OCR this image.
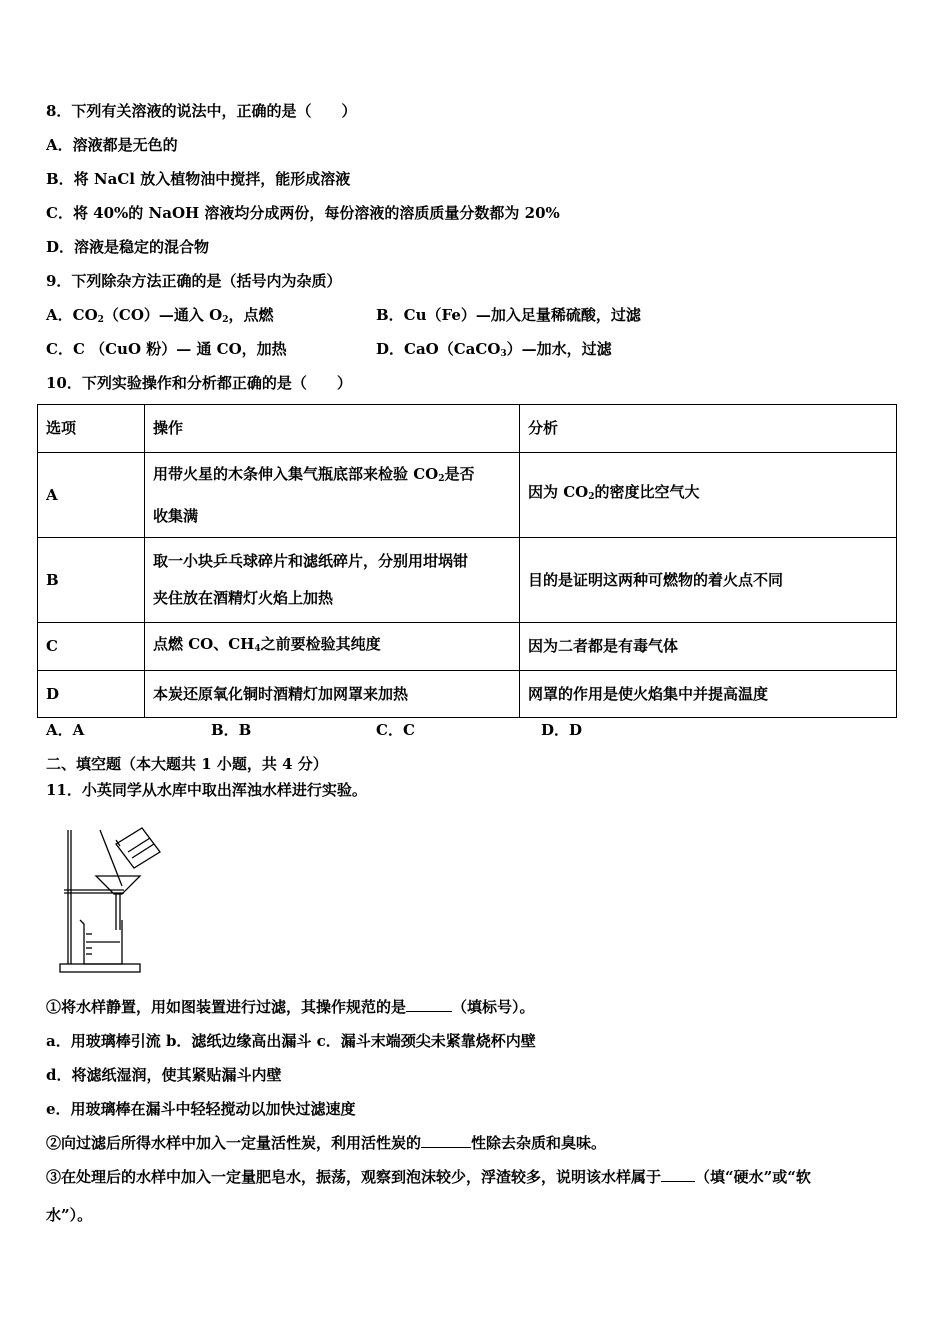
8．下列有关溶液的说法中，正确的是（　　）
A．溶液都是无色的
B．将 NaCl 放入植物油中搅拌，能形成溶液
C．将 40%的 NaOH 溶液均分成两份，每份溶液的溶质质量分数都为 20%
D．溶液是稳定的混合物
9．下列除杂方法正确的是（括号内为杂质）
A．$CO_2(CO)—$通入 $O_2$，点燃	B．Cu（Fe）—加入足量稀硫酸，过滤
C．C （CuO 粉）— 通 CO，加热	D．CaO（CaCO$_3$）—加水，过滤
10．下列实验操作和分析都正确的是（　　）
选项	操作	分析
A	用带火星的木条伸入集气瓶底部来检验 $CO_2$是否
收集满	因为 $CO_2$的密度比空气大
B	取一小块乒乓球碎片和滤纸碎片，分别用坩埚钳
夹住放在酒精灯火焰上加热	目的是证明这两种可燃物的着火点不同
C	点燃 CO、$CH_4$之前要检验其纯度	因为二者都是有毒气体
D	本炭还原氧化铜时酒精灯加网罩来加热	网罩的作用是使火焰集中并提高温度
A．A	B．B	C．C	D．D
二、填空题（本大题共 1 小题，共 4 分）
11．小英同学从水库中取出浑浊水样进行实验。
①将水样静置，用如图装置进行过滤，其操作规范的是	（填标号）。
a．用玻璃棒引流 b．滤纸边缘高出漏斗 c．漏斗末端颈尖未紧靠烧杯内壁
d．将滤纸湿润，使其紧贴漏斗内壁
e．用玻璃棒在漏斗中轻轻搅动以加快过滤速度
②向过滤后所得水样中加入一定量活性炭，利用活性炭的	性除去杂质和臭味。
③在处理后的水样中加入一定量肥皂水，振荡，观察到泡沫较少，浮渣较多，说明该水样属于 （填“硬水”或“软
水”）。
